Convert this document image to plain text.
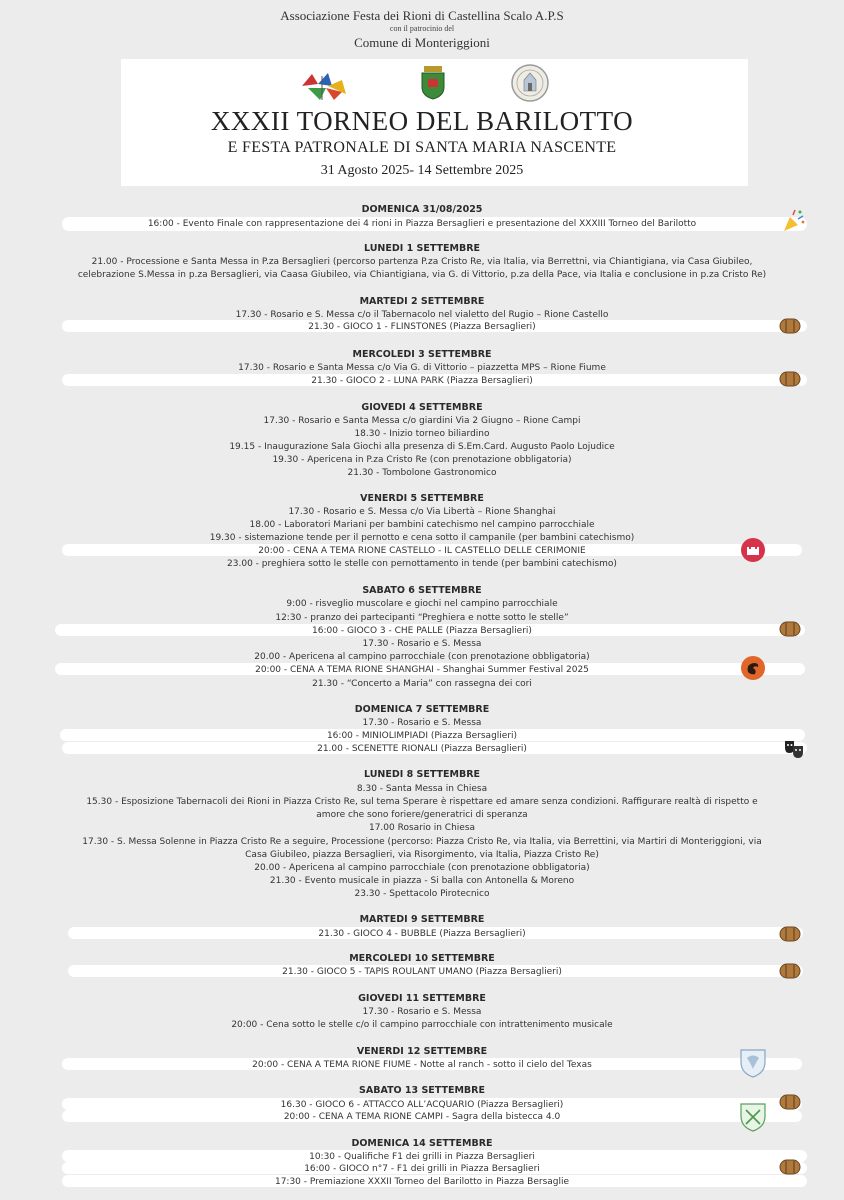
Associazione Festa dei Rioni di Castellina Scalo A.P.S
con il patrocinio del
Comune di Monteriggioni
XXXII TORNEO DEL BARILOTTO
E FESTA PATRONALE DI SANTA MARIA NASCENTE
31 Agosto 2025- 14 Settembre 2025
DOMENICA 31/08/2025
16:00 - Evento Finale con rappresentazione dei 4 rioni in Piazza Bersaglieri e presentazione del XXXIII Torneo del Barilotto
LUNEDI 1 SETTEMBRE
21.00 - Processione e Santa Messa in P.za Bersaglieri (percorso partenza P.za Cristo Re, via Italia, via Berrettni, via Chiantigiana, via Casa Giubileo,
celebrazione S.Messa in p.za Bersaglieri, via Caasa Giubileo, via Chiantigiana, via G. di Vittorio, p.za della Pace, via Italia e conclusione in p.za Cristo Re)
MARTEDI 2 SETTEMBRE
17.30 - Rosario e S. Messa c/o il Tabernacolo nel vialetto del Rugio – Rione Castello
21.30 - GIOCO 1 - FLINSTONES (Piazza Bersaglieri)
MERCOLEDI 3 SETTEMBRE
17.30 - Rosario e Santa Messa c/o Via G. di Vittorio – piazzetta MPS – Rione Fiume
21.30 - GIOCO 2 - LUNA PARK (Piazza Bersaglieri)
GIOVEDI 4 SETTEMBRE
17.30 - Rosario e Santa Messa c/o giardini Via 2 Giugno – Rione Campi
18.30 - Inizio torneo biliardino
19.15 - Inaugurazione Sala Giochi alla presenza di S.Em.Card. Augusto Paolo Lojudice
19.30 - Apericena in P.za Cristo Re (con prenotazione obbligatoria)
21.30 - Tombolone Gastronomico
VENERDI 5 SETTEMBRE
17.30 - Rosario e S. Messa c/o Via Libertà – Rione Shanghai
18.00 - Laboratori Mariani per bambini catechismo nel campino parrocchiale
19.30 - sistemazione tende per il pernotto e cena sotto il campanile (per bambini catechismo)
20:00 - CENA A TEMA RIONE CASTELLO - IL CASTELLO DELLE CERIMONIE
23.00 - preghiera sotto le stelle con pernottamento in tende (per bambini catechismo)
SABATO 6 SETTEMBRE
9:00 - risveglio muscolare e giochi nel campino parrocchiale
12:30 - pranzo dei partecipanti “Preghiera e notte sotto le stelle”
16:00 - GIOCO 3 - CHE PALLE (Piazza Bersaglieri)
17.30 - Rosario e S. Messa
20.00 - Apericena al campino parrocchiale (con prenotazione obbligatoria)
20:00 - CENA A TEMA RIONE SHANGHAI - Shanghai Summer Festival 2025
21.30 - “Concerto a Maria” con rassegna dei cori
DOMENICA 7 SETTEMBRE
17.30 - Rosario e S. Messa
16:00 - MINIOLIMPIADI (Piazza Bersaglieri)
21.00 - SCENETTE RIONALI (Piazza Bersaglieri)
LUNEDI 8 SETTEMBRE
8.30 - Santa Messa in Chiesa
15.30 - Esposizione Tabernacoli dei Rioni in Piazza Cristo Re, sul tema Sperare è rispettare ed amare senza condizioni. Raffigurare realtà di rispetto e
amore che sono foriere/generatrici di speranza
17.00 Rosario in Chiesa
17.30 - S. Messa Solenne in Piazza Cristo Re a seguire, Processione (percorso: Piazza Cristo Re, via Italia, via Berrettini, via Martiri di Monteriggioni, via
Casa Giubileo, piazza Bersaglieri, via Risorgimento, via Italia, Piazza Cristo Re)
20.00 - Apericena al campino parrocchiale (con prenotazione obbligatoria)
21.30 - Evento musicale in piazza - Si balla con Antonella & Moreno
23.30 - Spettacolo Pirotecnico
MARTEDI 9 SETTEMBRE
21.30 - GIOCO 4 - BUBBLE (Piazza Bersaglieri)
MERCOLEDI 10 SETTEMBRE
21.30 - GIOCO 5 - TAPIS ROULANT UMANO (Piazza Bersaglieri)
GIOVEDI 11 SETTEMBRE
17.30 - Rosario e S. Messa
20:00 - Cena sotto le stelle c/o il campino parrocchiale con intrattenimento musicale
VENERDI 12 SETTEMBRE
20:00 - CENA A TEMA RIONE FIUME - Notte al ranch - sotto il cielo del Texas
SABATO 13 SETTEMBRE
16.30 - GIOCO 6 - ATTACCO ALL’ACQUARIO (Piazza Bersaglieri)
20:00 - CENA A TEMA RIONE CAMPI - Sagra della bistecca 4.0
DOMENICA 14 SETTEMBRE
10:30 - Qualifiche F1 dei grilli in Piazza Bersaglieri
16:00 - GIOCO n°7 - F1 dei grilli in Piazza Bersaglieri
17:30 - Premiazione XXXII Torneo del Barilotto in Piazza Bersaglie
